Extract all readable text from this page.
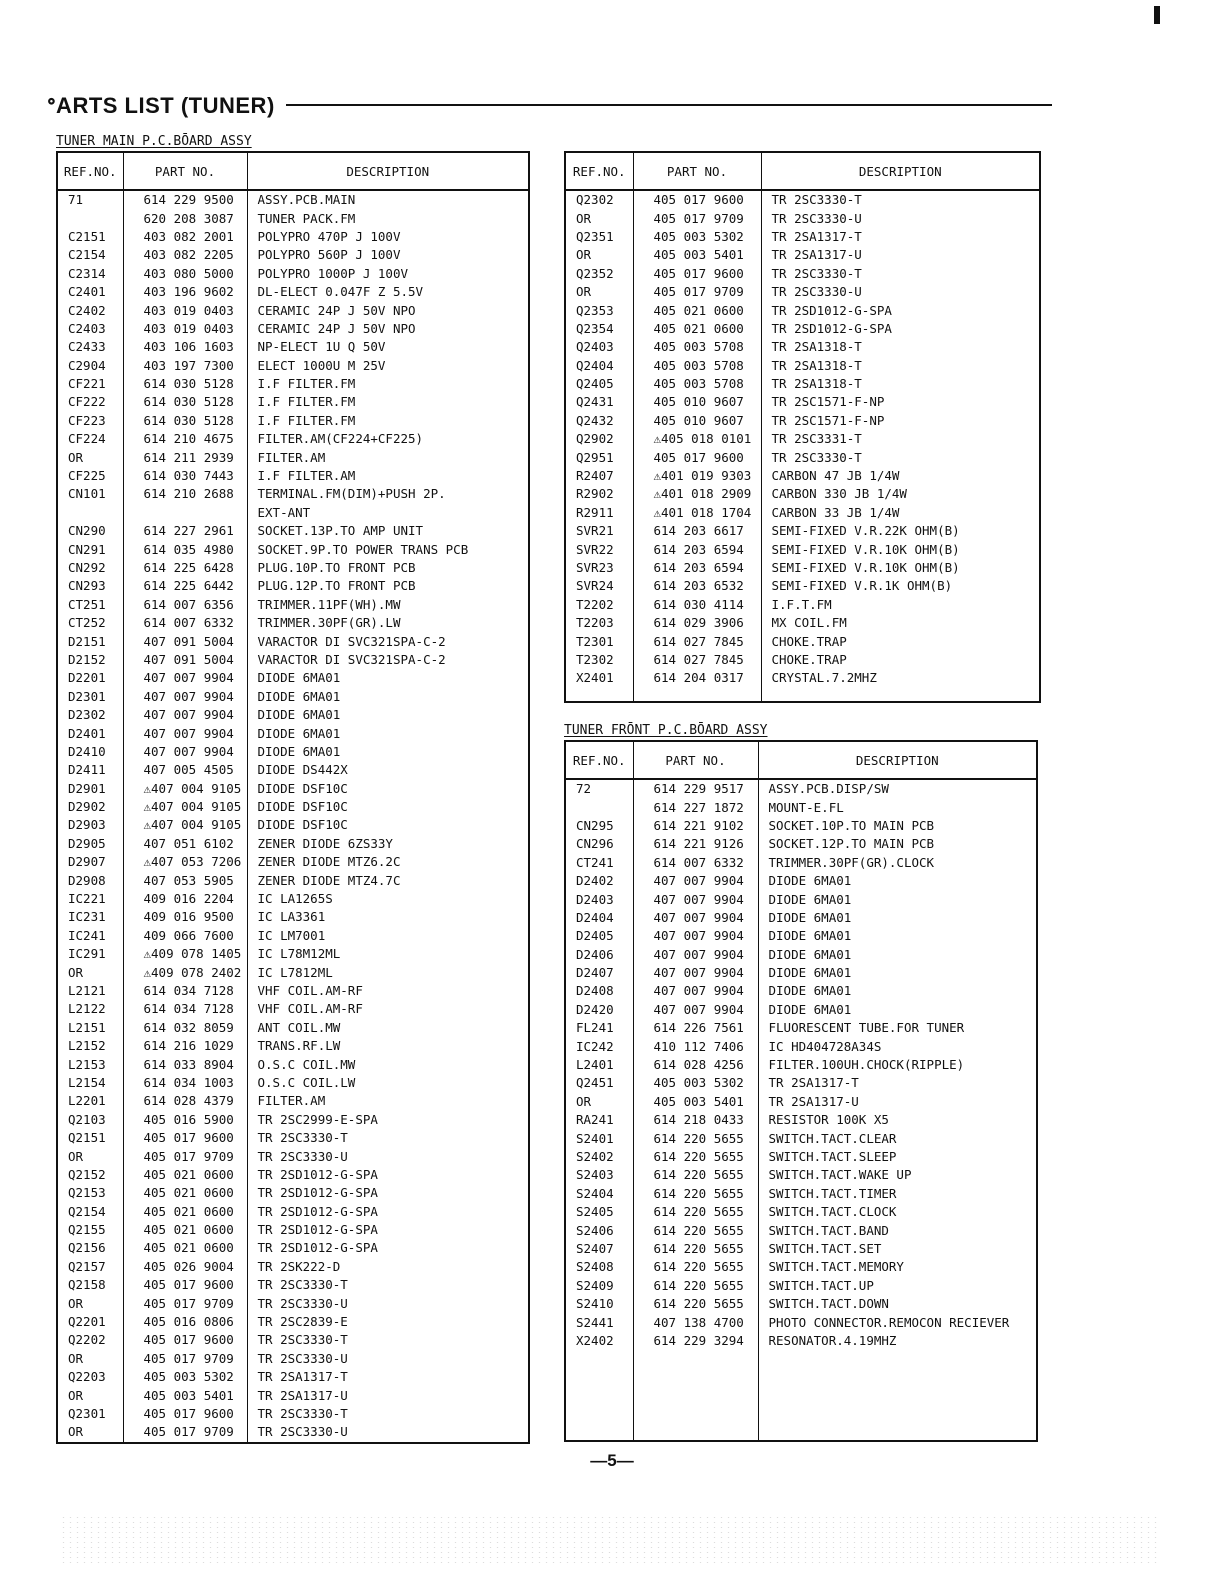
ᐤARTS LIST (TUNER)
TUNER MAIN P.C.BŌARD ASSY
REF.NO.	PART NO.	DESCRIPTION
71	614 229 9500	ASSY.PCB.MAIN
	620 208 3087	TUNER PACK.FM
C2151	403 082 2001	POLYPRO 470P J 100V
C2154	403 082 2205	POLYPRO 560P J 100V
C2314	403 080 5000	POLYPRO 1000P J 100V
C2401	403 196 9602	DL-ELECT 0.047F Z 5.5V
C2402	403 019 0403	CERAMIC 24P J 50V NPO
C2403	403 019 0403	CERAMIC 24P J 50V NPO
C2433	403 106 1603	NP-ELECT 1U Q 50V
C2904	403 197 7300	ELECT 1000U M 25V
CF221	614 030 5128	I.F FILTER.FM
CF222	614 030 5128	I.F FILTER.FM
CF223	614 030 5128	I.F FILTER.FM
CF224	614 210 4675	FILTER.AM(CF224+CF225)
OR	614 211 2939	FILTER.AM
CF225	614 030 7443	I.F FILTER.AM
CN101	614 210 2688	TERMINAL.FM(DIM)+PUSH 2P.
		EXT-ANT
CN290	614 227 2961	SOCKET.13P.TO AMP UNIT
CN291	614 035 4980	SOCKET.9P.TO POWER TRANS PCB
CN292	614 225 6428	PLUG.10P.TO FRONT PCB
CN293	614 225 6442	PLUG.12P.TO FRONT PCB
CT251	614 007 6356	TRIMMER.11PF(WH).MW
CT252	614 007 6332	TRIMMER.30PF(GR).LW
D2151	407 091 5004	VARACTOR DI SVC321SPA-C-2
D2152	407 091 5004	VARACTOR DI SVC321SPA-C-2
D2201	407 007 9904	DIODE 6MA01
D2301	407 007 9904	DIODE 6MA01
D2302	407 007 9904	DIODE 6MA01
D2401	407 007 9904	DIODE 6MA01
D2410	407 007 9904	DIODE 6MA01
D2411	407 005 4505	DIODE DS442X
D2901	⚠407 004 9105	DIODE DSF10C
D2902	⚠407 004 9105	DIODE DSF10C
D2903	⚠407 004 9105	DIODE DSF10C
D2905	407 051 6102	ZENER DIODE 6ZS33Y
D2907	⚠407 053 7206	ZENER DIODE MTZ6.2C
D2908	407 053 5905	ZENER DIODE MTZ4.7C
IC221	409 016 2204	IC LA1265S
IC231	409 016 9500	IC LA3361
IC241	409 066 7600	IC LM7001
IC291	⚠409 078 1405	IC L78M12ML
OR	⚠409 078 2402	IC L7812ML
L2121	614 034 7128	VHF COIL.AM-RF
L2122	614 034 7128	VHF COIL.AM-RF
L2151	614 032 8059	ANT COIL.MW
L2152	614 216 1029	TRANS.RF.LW
L2153	614 033 8904	O.S.C COIL.MW
L2154	614 034 1003	O.S.C COIL.LW
L2201	614 028 4379	FILTER.AM
Q2103	405 016 5900	TR 2SC2999-E-SPA
Q2151	405 017 9600	TR 2SC3330-T
OR	405 017 9709	TR 2SC3330-U
Q2152	405 021 0600	TR 2SD1012-G-SPA
Q2153	405 021 0600	TR 2SD1012-G-SPA
Q2154	405 021 0600	TR 2SD1012-G-SPA
Q2155	405 021 0600	TR 2SD1012-G-SPA
Q2156	405 021 0600	TR 2SD1012-G-SPA
Q2157	405 026 9004	TR 2SK222-D
Q2158	405 017 9600	TR 2SC3330-T
OR	405 017 9709	TR 2SC3330-U
Q2201	405 016 0806	TR 2SC2839-E
Q2202	405 017 9600	TR 2SC3330-T
OR	405 017 9709	TR 2SC3330-U
Q2203	405 003 5302	TR 2SA1317-T
OR	405 003 5401	TR 2SA1317-U
Q2301	405 017 9600	TR 2SC3330-T
OR	405 017 9709	TR 2SC3330-U

REF.NO.	PART NO.	DESCRIPTION
Q2302	405 017 9600	TR 2SC3330-T
OR	405 017 9709	TR 2SC3330-U
Q2351	405 003 5302	TR 2SA1317-T
OR	405 003 5401	TR 2SA1317-U
Q2352	405 017 9600	TR 2SC3330-T
OR	405 017 9709	TR 2SC3330-U
Q2353	405 021 0600	TR 2SD1012-G-SPA
Q2354	405 021 0600	TR 2SD1012-G-SPA
Q2403	405 003 5708	TR 2SA1318-T
Q2404	405 003 5708	TR 2SA1318-T
Q2405	405 003 5708	TR 2SA1318-T
Q2431	405 010 9607	TR 2SC1571-F-NP
Q2432	405 010 9607	TR 2SC1571-F-NP
Q2902	⚠405 018 0101	TR 2SC3331-T
Q2951	405 017 9600	TR 2SC3330-T
R2407	⚠401 019 9303	CARBON 47 JB 1/4W
R2902	⚠401 018 2909	CARBON 330 JB 1/4W
R2911	⚠401 018 1704	CARBON 33 JB 1/4W
SVR21	614 203 6617	SEMI-FIXED V.R.22K OHM(B)
SVR22	614 203 6594	SEMI-FIXED V.R.10K OHM(B)
SVR23	614 203 6594	SEMI-FIXED V.R.10K OHM(B)
SVR24	614 203 6532	SEMI-FIXED V.R.1K OHM(B)
T2202	614 030 4114	I.F.T.FM
T2203	614 029 3906	MX COIL.FM
T2301	614 027 7845	CHOKE.TRAP
T2302	614 027 7845	CHOKE.TRAP
X2401	614 204 0317	CRYSTAL.7.2MHZ

TUNER FRŌNT P.C.BŌARD ASSY
REF.NO.	PART NO.	DESCRIPTION
72	614 229 9517	ASSY.PCB.DISP/SW
	614 227 1872	MOUNT-E.FL
CN295	614 221 9102	SOCKET.10P.TO MAIN PCB
CN296	614 221 9126	SOCKET.12P.TO MAIN PCB
CT241	614 007 6332	TRIMMER.30PF(GR).CLOCK
D2402	407 007 9904	DIODE 6MA01
D2403	407 007 9904	DIODE 6MA01
D2404	407 007 9904	DIODE 6MA01
D2405	407 007 9904	DIODE 6MA01
D2406	407 007 9904	DIODE 6MA01
D2407	407 007 9904	DIODE 6MA01
D2408	407 007 9904	DIODE 6MA01
D2420	407 007 9904	DIODE 6MA01
FL241	614 226 7561	FLUORESCENT TUBE.FOR TUNER
IC242	410 112 7406	IC HD404728A34S
L2401	614 028 4256	FILTER.100UH.CHOCK(RIPPLE)
Q2451	405 003 5302	TR 2SA1317-T
OR	405 003 5401	TR 2SA1317-U
RA241	614 218 0433	RESISTOR 100K X5
S2401	614 220 5655	SWITCH.TACT.CLEAR
S2402	614 220 5655	SWITCH.TACT.SLEEP
S2403	614 220 5655	SWITCH.TACT.WAKE UP
S2404	614 220 5655	SWITCH.TACT.TIMER
S2405	614 220 5655	SWITCH.TACT.CLOCK
S2406	614 220 5655	SWITCH.TACT.BAND
S2407	614 220 5655	SWITCH.TACT.SET
S2408	614 220 5655	SWITCH.TACT.MEMORY
S2409	614 220 5655	SWITCH.TACT.UP
S2410	614 220 5655	SWITCH.TACT.DOWN
S2441	407 138 4700	PHOTO CONNECTOR.REMOCON RECIEVER
X2402	614 229 3294	RESONATOR.4.19MHZ

—5—
